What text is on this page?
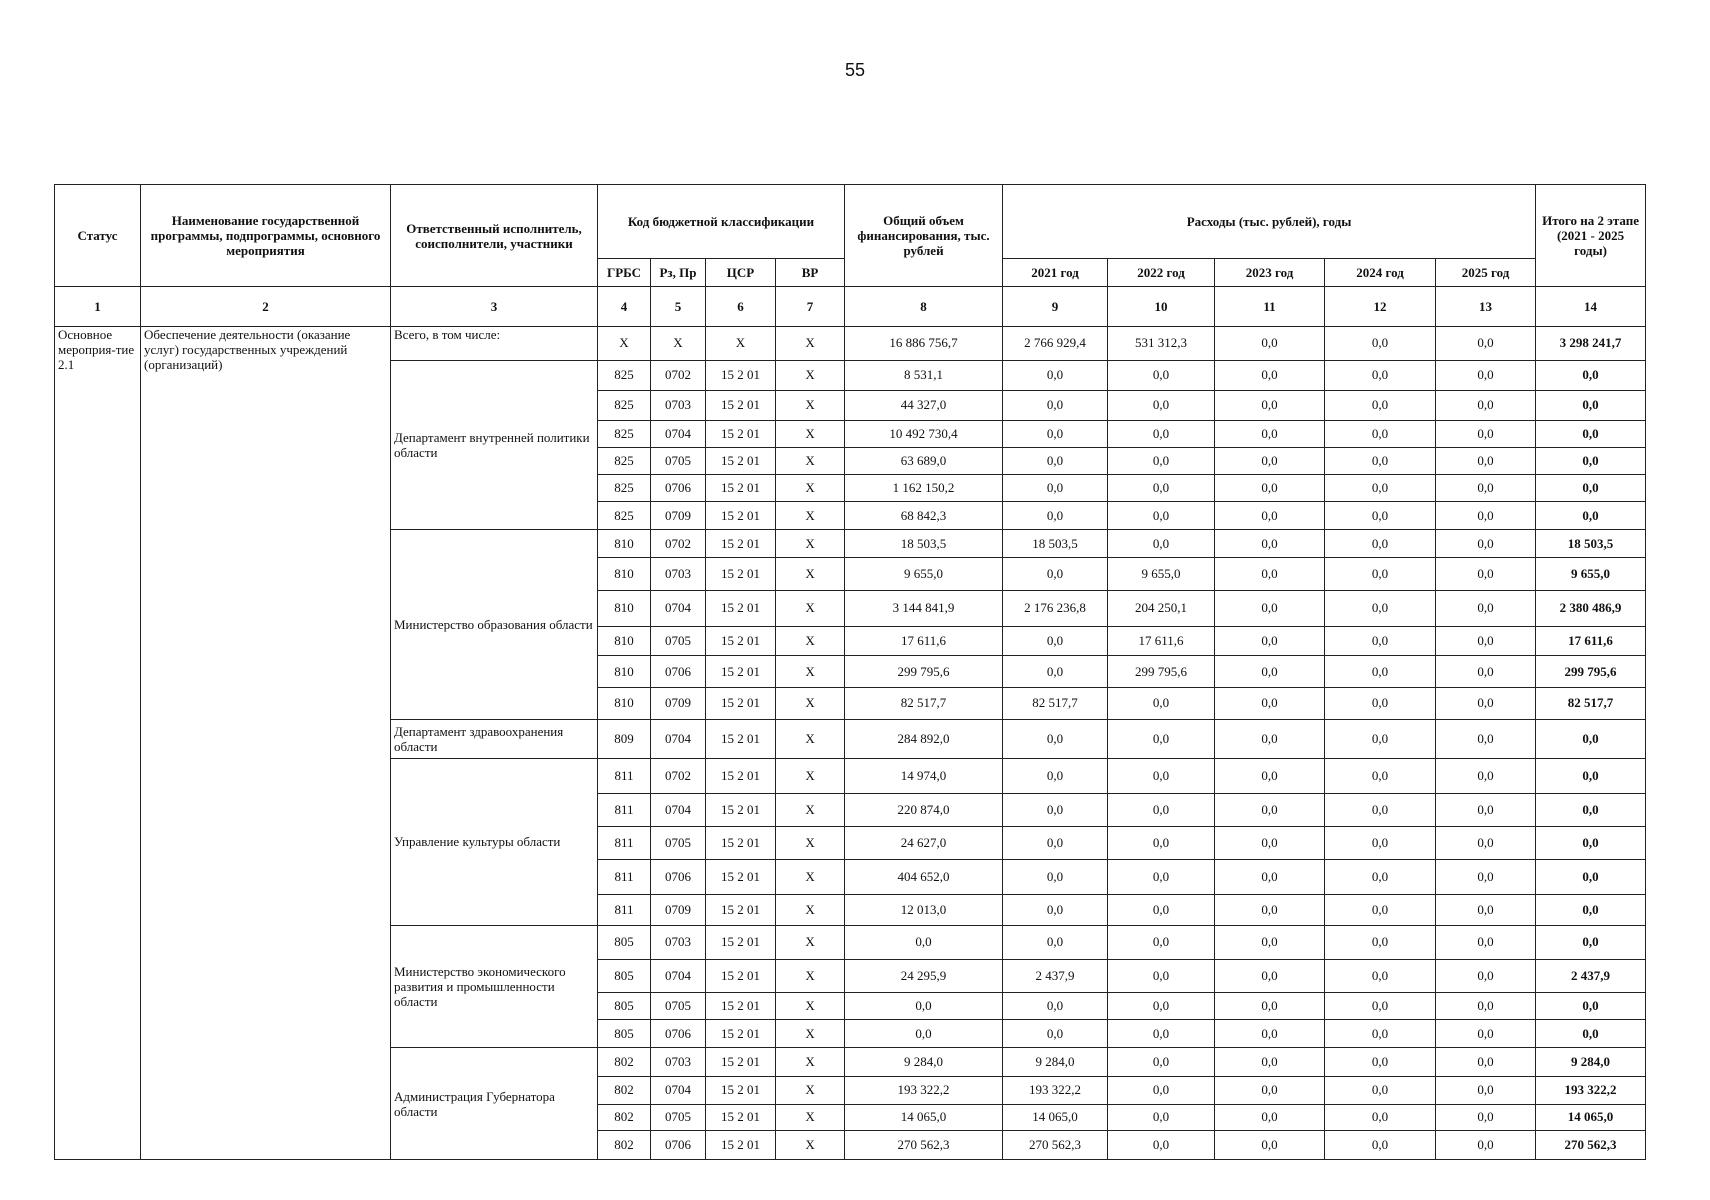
55
Статус	Наименование государственной программы, подпрограммы, основного мероприятия	Ответственный исполнитель, соисполнители, участники	Код бюджетной классификации				Общий объем финансирования, тыс. рублей	Расходы (тыс. рублей), годы					Итого на 2 этапе (2021 - 2025 годы)
			ГРБС	Рз, Пр	ЦСР	ВР		2021 год	2022 год	2023 год	2024 год	2025 год	
1	2	3	4	5	6	7	8	9	10	11	12	13	14
Основное мероприя-тие 2.1	Обеспечение деятельности (оказание услуг) государственных учреждений (организаций)	Всего, в том числе:	X	X	X	X	16 886 756,7	2 766 929,4	531 312,3	0,0	0,0	0,0	3 298 241,7
		Департамент внутренней политики области	825	0702	15 2 01	X	8 531,1	0,0	0,0	0,0	0,0	0,0	0,0
			825	0703	15 2 01	X	44 327,0	0,0	0,0	0,0	0,0	0,0	0,0
			825	0704	15 2 01	X	10 492 730,4	0,0	0,0	0,0	0,0	0,0	0,0
			825	0705	15 2 01	X	63 689,0	0,0	0,0	0,0	0,0	0,0	0,0
			825	0706	15 2 01	X	1 162 150,2	0,0	0,0	0,0	0,0	0,0	0,0
			825	0709	15 2 01	X	68 842,3	0,0	0,0	0,0	0,0	0,0	0,0
		Министерство образования области	810	0702	15 2 01	X	18 503,5	18 503,5	0,0	0,0	0,0	0,0	18 503,5
			810	0703	15 2 01	X	9 655,0	0,0	9 655,0	0,0	0,0	0,0	9 655,0
			810	0704	15 2 01	X	3 144 841,9	2 176 236,8	204 250,1	0,0	0,0	0,0	2 380 486,9
			810	0705	15 2 01	X	17 611,6	0,0	17 611,6	0,0	0,0	0,0	17 611,6
			810	0706	15 2 01	X	299 795,6	0,0	299 795,6	0,0	0,0	0,0	299 795,6
			810	0709	15 2 01	X	82 517,7	82 517,7	0,0	0,0	0,0	0,0	82 517,7
		Департамент здравоохранения области	809	0704	15 2 01	X	284 892,0	0,0	0,0	0,0	0,0	0,0	0,0
		Управление культуры области	811	0702	15 2 01	X	14 974,0	0,0	0,0	0,0	0,0	0,0	0,0
			811	0704	15 2 01	X	220 874,0	0,0	0,0	0,0	0,0	0,0	0,0
			811	0705	15 2 01	X	24 627,0	0,0	0,0	0,0	0,0	0,0	0,0
			811	0706	15 2 01	X	404 652,0	0,0	0,0	0,0	0,0	0,0	0,0
			811	0709	15 2 01	X	12 013,0	0,0	0,0	0,0	0,0	0,0	0,0
		Министерство экономического развития и промышленности области	805	0703	15 2 01	X	0,0	0,0	0,0	0,0	0,0	0,0	0,0
			805	0704	15 2 01	X	24 295,9	2 437,9	0,0	0,0	0,0	0,0	2 437,9
			805	0705	15 2 01	X	0,0	0,0	0,0	0,0	0,0	0,0	0,0
			805	0706	15 2 01	X	0,0	0,0	0,0	0,0	0,0	0,0	0,0
		Администрация Губернатора области	802	0703	15 2 01	X	9 284,0	9 284,0	0,0	0,0	0,0	0,0	9 284,0
			802	0704	15 2 01	X	193 322,2	193 322,2	0,0	0,0	0,0	0,0	193 322,2
			802	0705	15 2 01	X	14 065,0	14 065,0	0,0	0,0	0,0	0,0	14 065,0
			802	0706	15 2 01	X	270 562,3	270 562,3	0,0	0,0	0,0	0,0	270 562,3
